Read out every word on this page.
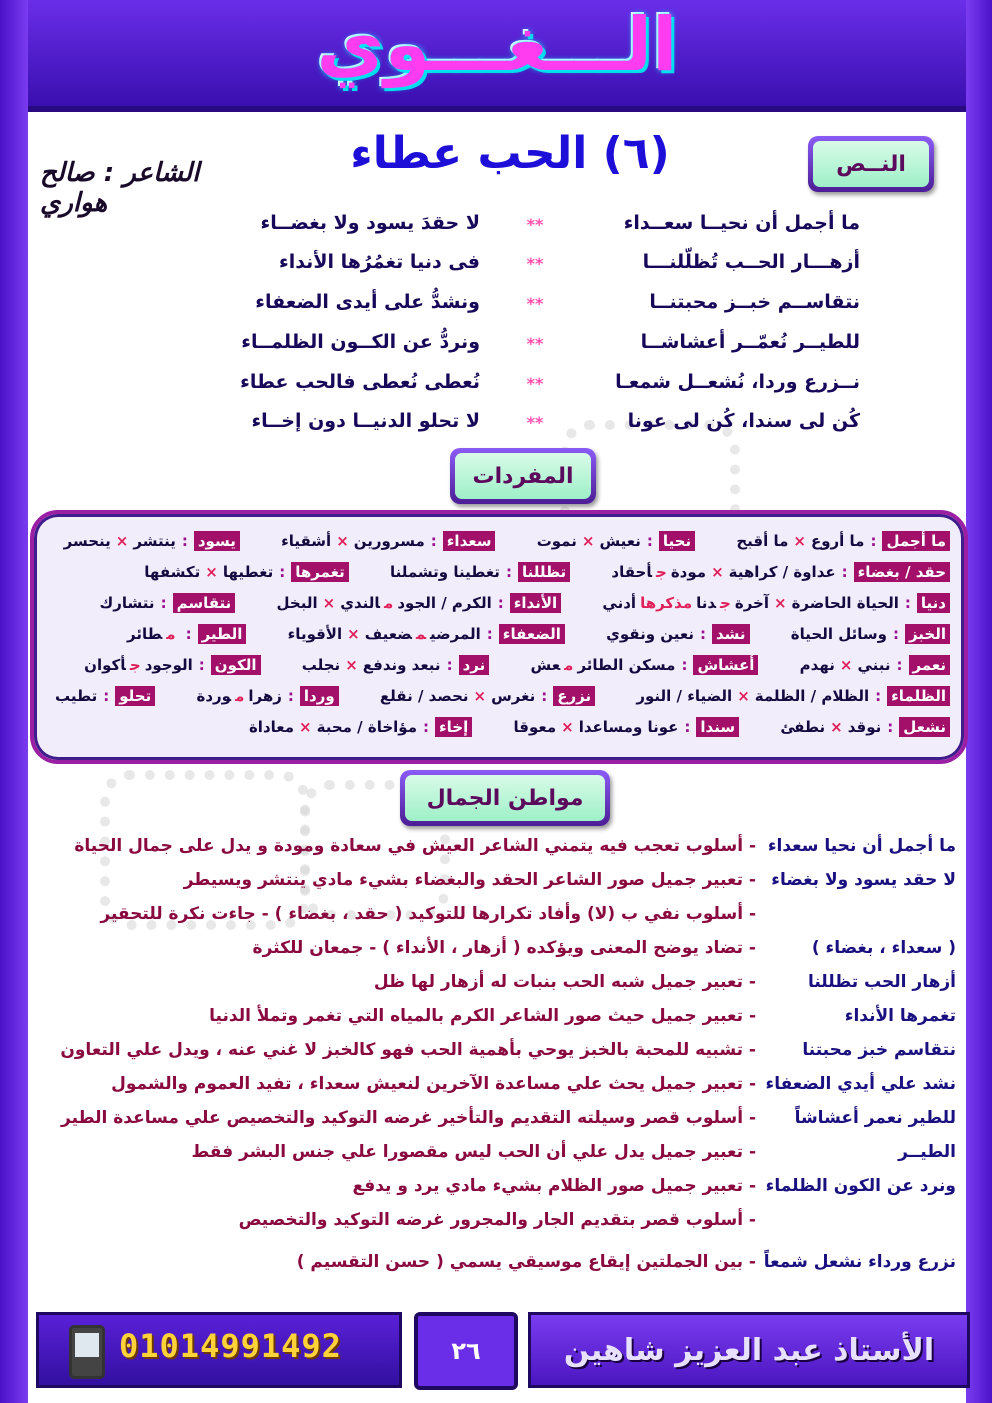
الـــغـــوي
(٦) الحب عطاء
الشاعر : صالح هواري
النــص
ما أجمل أن نحيــا سعــداء
**
لا حقدَ يسود ولا بغضــاء
أزهـــار الحــب تُظلّلنـــا
**
فى دنيا تغمُرُها الأنداء
نتقاســم خبــز محبتنــا
**
ونشدُّ على أيدى الضعفاء
للطيــر نُعمّــر أعشاشــا
**
ونردُّ عن الكــون الظلمــاء
نــزرع وردا، نُشعــل شمعـا
**
نُعطى نُعطى فالحب عطاء
كُن لى سندا، كُن لى عونا
**
لا تحلو الدنيــا دون إخــاء
المفردات
ما أجمل:ما أروع×ما أقبح نحيا:نعيش×نموت سعداء:مسرورين×أشقياء يسود:ينتشر×ينحسر
حقد / بغضاء:عداوة / كراهية×مودةجأحقاد تظللنا:تغطينا وتشملنا تغمرها:تغطيها×تكشفها
دنيا:الحياة الحاضرة×آخرةجدنامذكرهاأدني الأنداء:الكرم / الجودمالندي×البخل نتقاسم:نتشارك
الخبز:وسائل الحياة نشد:نعين ونقوي الضعفاء:المرضيمضعيف×الأقوياء الطير:مطائر
نعمر:نبني×نهدم أعشاش:مسكن الطائرمعش نرد:نبعد وندفع×نجلب الكون:الوجودجأكوان
الظلماء:الظلام / الظلمة×الضياء / النور نزرع:نغرس×نحصد / نقلع وردا:زهراموردة تحلو:تطيب
نشعل:نوقد×نطفئ سندا:عونا ومساعدا×معوقا إخاء:مؤاخاة / محبة×معاداة
مواطن الجمال
ما أجمل أن نحيا سعداء
- أسلوب تعجب فيه يتمني الشاعر العيش في سعادة ومودة و يدل على جمال الحياة
لا حقد يسود ولا بغضاء
- تعبير جميل صور الشاعر الحقد والبغضاء بشيء مادي ينتشر ويسيطر
- أسلوب نفي ب (لا) وأفاد تكرارها للتوكيد ( حقد ، بغضاء ) - جاءت نكرة للتحقير
( سعداء ، بغضاء )
- تضاد يوضح المعنى ويؤكده ( أزهار ، الأنداء ) - جمعان للكثرة
أزهار الحب تظللنا
- تعبير جميل شبه الحب بنبات له أزهار لها ظل
تغمرها الأنداء
- تعبير جميل حيث صور الشاعر الكرم بالمياه التي تغمر وتملأ الدنيا
نتقاسم خبز محبتنا
- تشبيه للمحبة بالخبز يوحي بأهمية الحب فهو كالخبز لا غني عنه ، ويدل علي التعاون
نشد علي أيدي الضعفاء
- تعبير جميل يحث علي مساعدة الآخرين لنعيش سعداء ، تفيد العموم والشمول
للطير نعمر أعشاشاً
- أسلوب قصر وسيلته التقديم والتأخير غرضه التوكيد والتخصيص علي مساعدة الطير
الطيــر
- تعبير جميل يدل علي أن الحب ليس مقصورا علي جنس البشر فقط
ونرد عن الكون الظلماء
- تعبير جميل صور الظلام بشيء مادي يرد و يدفع
- أسلوب قصر بتقديم الجار والمجرور غرضه التوكيد والتخصيص
نزرع ورداء نشعل شمعاً
- بين الجملتين إيقاع موسيقي يسمي ( حسن التقسيم )
01014991492	٢٦	الأستاذ عبد العزيز شاهين
